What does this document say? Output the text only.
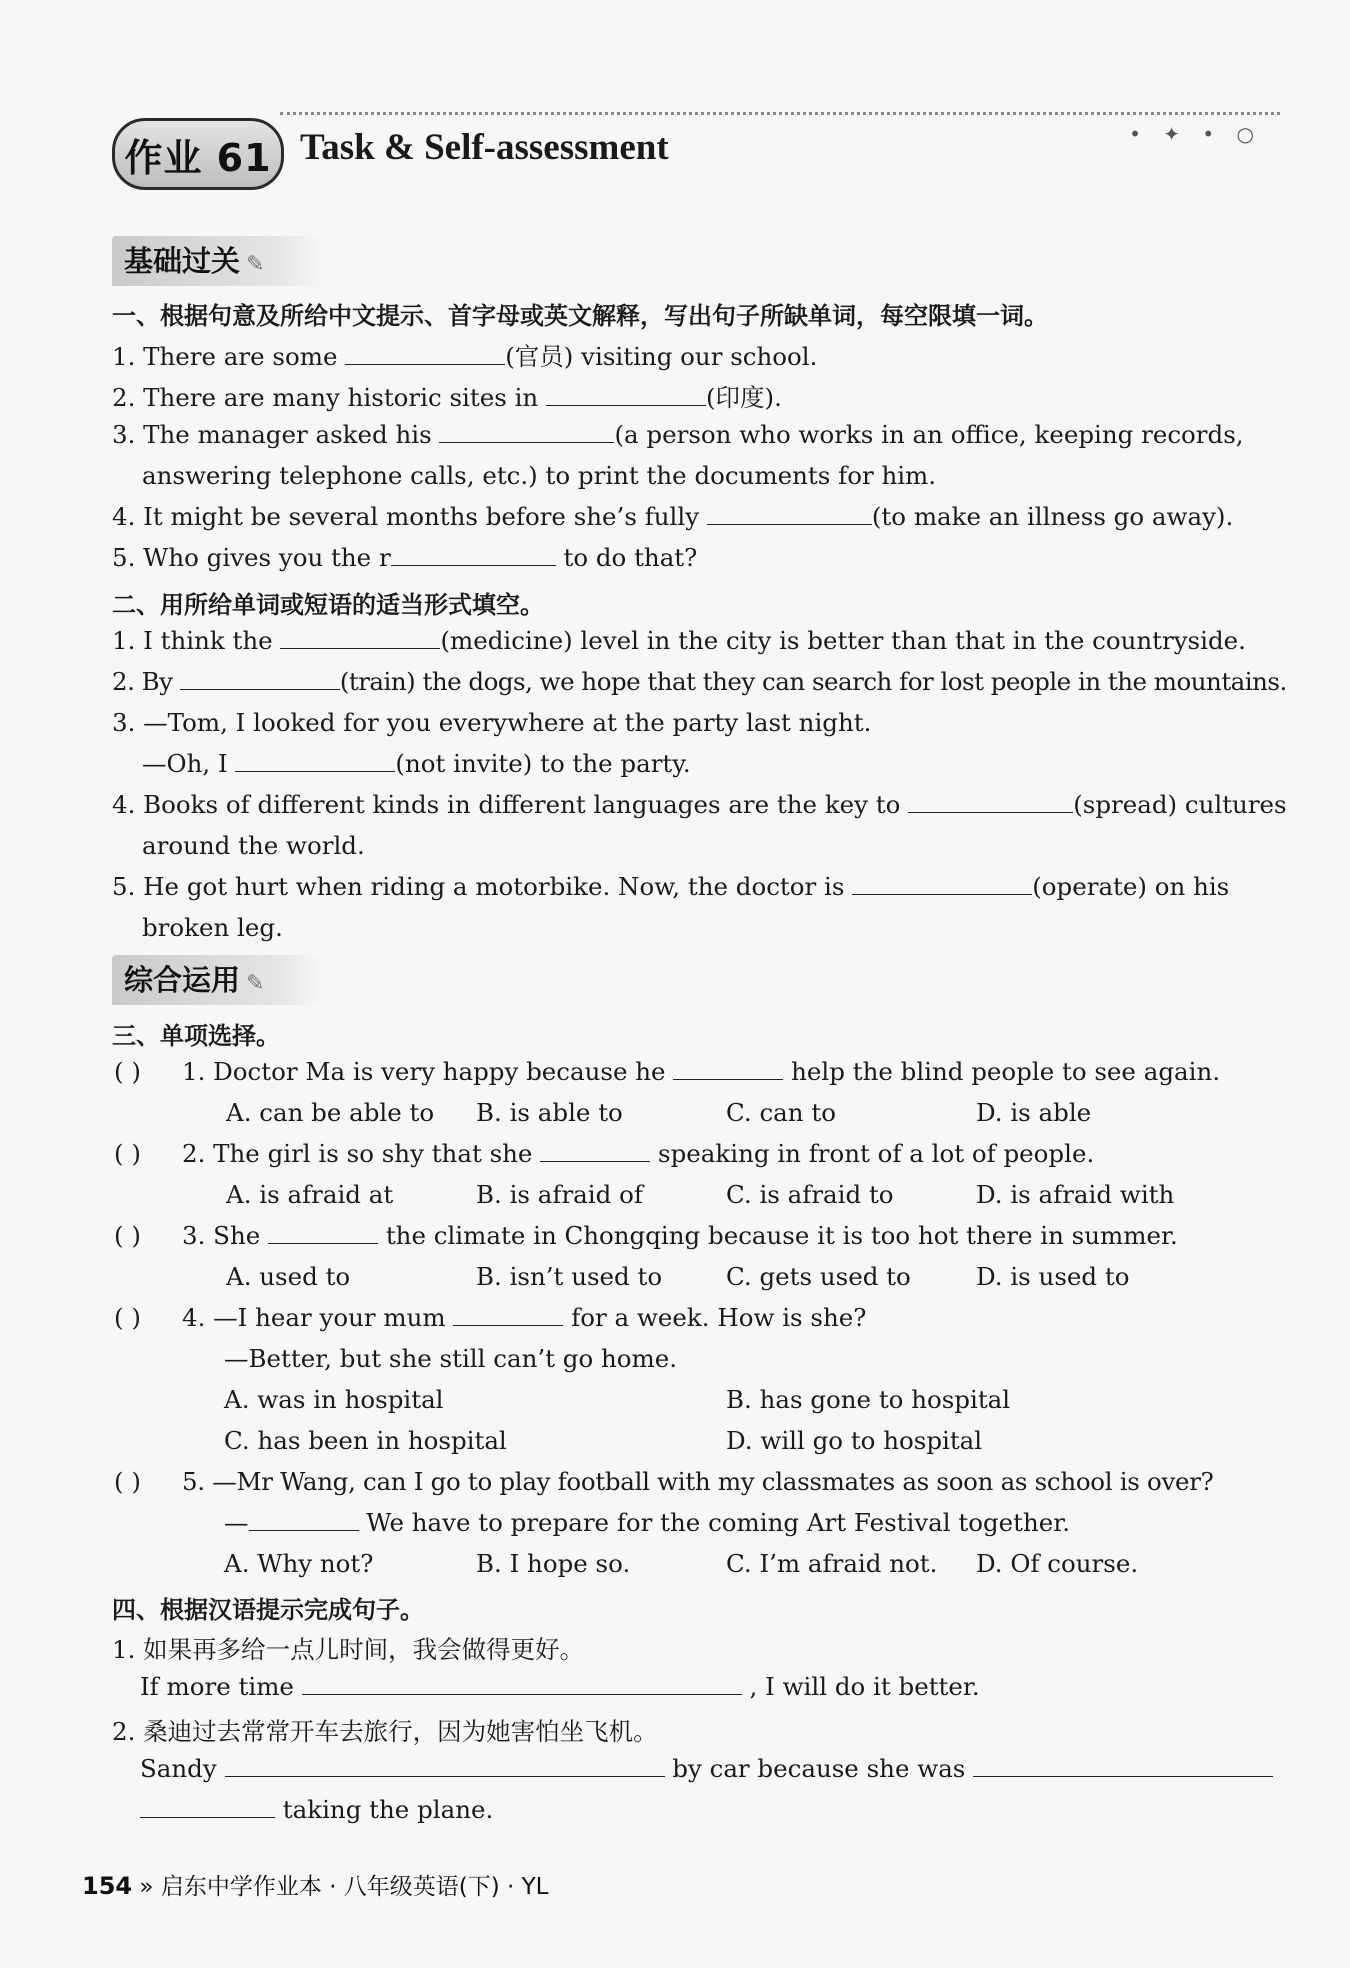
作业 61 Task & Self-assessment	• ✦ • ○
基础过关 ✎
一、根据句意及所给中文提示、首字母或英文解释，写出句子所缺单词，每空限填一词。
1. There are some	(官员) visiting our school.
2. There are many historic sites in	(印度).
3. The manager asked his	(a person who works in an office, keeping records,
answering telephone calls, etc.) to print the documents for him.
4. It might be several months before she’s fully	(to make an illness go away).
5. Who gives you the r	to do that?
二、用所给单词或短语的适当形式填空。
1. I think the	(medicine) level in the city is better than that in the countryside.
2. By	(train) the dogs, we hope that they can search for lost people in the mountains.
3. —Tom, I looked for you everywhere at the party last night.
—Oh, I	(not invite) to the party.
4. Books of different kinds in different languages are the key to	(spread) cultures
around the world.
5. He got hurt when riding a motorbike. Now, the doctor is	(operate) on his
broken leg.
综合运用 ✎
三、单项选择。
( ) 1. Doctor Ma is very happy because he	help the blind people to see again.
A. can be able to B. is able to	C. can to	D. is able
( ) 2. The girl is so shy that she	speaking in front of a lot of people.
A. is afraid at	B. is afraid of	C. is afraid to	D. is afraid with
( ) 3. She	the climate in Chongqing because it is too hot there in summer.
A. used to	B. isn’t used to	C. gets used to	D. is used to
( ) 4. —I hear your mum	for a week. How is she?
—Better, but she still can’t go home.
A. was in hospital	B. has gone to hospital
C. has been in hospital	D. will go to hospital
( ) 5. —Mr Wang, can I go to play football with my classmates as soon as school is over?
—	We have to prepare for the coming Art Festival together.
A. Why not?	B. I hope so.	C. I’m afraid not. D. Of course.
四、根据汉语提示完成句子。
1. 如果再多给一点儿时间，我会做得更好。
If more time	, I will do it better.
2. 桑迪过去常常开车去旅行，因为她害怕坐飞机。
Sandy	by car because she was
taking the plane.
154 » 启东中学作业本 · 八年级英语(下) · YL
